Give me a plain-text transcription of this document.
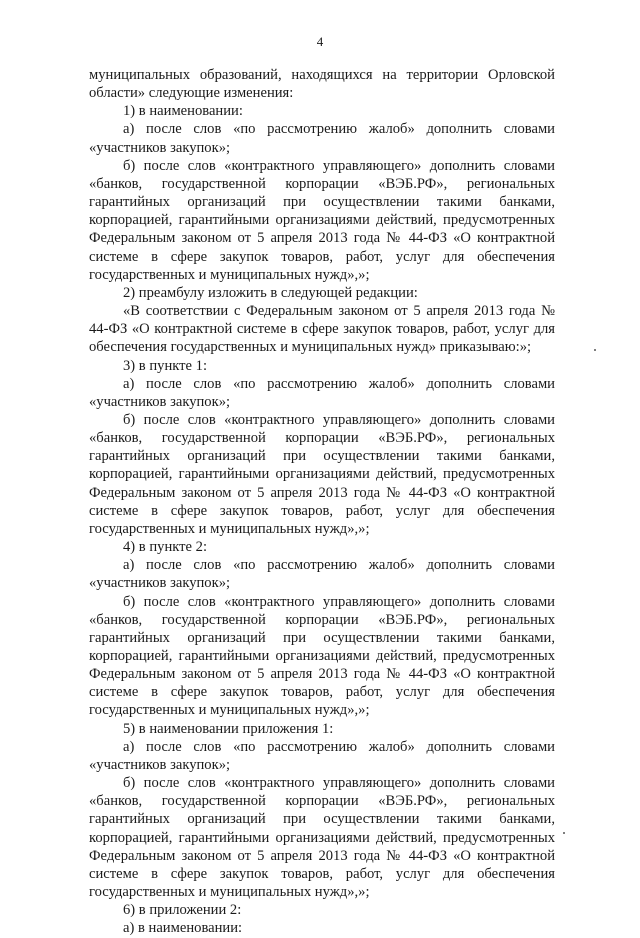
4

муниципальных образований, находящихся на территории Орловской области» следующие изменения:

1) в наименовании:

а) после слов «по рассмотрению жалоб» дополнить словами «участников закупок»;

б) после слов «контрактного управляющего» дополнить словами «банков, государственной корпорации «ВЭБ.РФ», региональных гарантийных организаций при осуществлении такими банками, корпорацией, гарантийными организациями действий, предусмотренных Федеральным законом от 5 апреля 2013 года № 44-ФЗ «О контрактной системе в сфере закупок товаров, работ, услуг для обеспечения государственных и муниципальных нужд»,»;

2) преамбулу изложить в следующей редакции:

«В соответствии с Федеральным законом от 5 апреля 2013 года № 44-ФЗ «О контрактной системе в сфере закупок товаров, работ, услуг для обеспечения государственных и муниципальных нужд» приказываю:»;

3) в пункте 1:

а) после слов «по рассмотрению жалоб» дополнить словами «участников закупок»;

б) после слов «контрактного управляющего» дополнить словами «банков, государственной корпорации «ВЭБ.РФ», региональных гарантийных организаций при осуществлении такими банками, корпорацией, гарантийными организациями действий, предусмотренных Федеральным законом от 5 апреля 2013 года № 44-ФЗ «О контрактной системе в сфере закупок товаров, работ, услуг для обеспечения государственных и муниципальных нужд»,»;

4) в пункте 2:

а) после слов «по рассмотрению жалоб» дополнить словами «участников закупок»;

б) после слов «контрактного управляющего» дополнить словами «банков, государственной корпорации «ВЭБ.РФ», региональных гарантийных организаций при осуществлении такими банками, корпорацией, гарантийными организациями действий, предусмотренных Федеральным законом от 5 апреля 2013 года № 44-ФЗ «О контрактной системе в сфере закупок товаров, работ, услуг для обеспечения государственных и муниципальных нужд»,»;

5) в наименовании приложения 1:

а) после слов «по рассмотрению жалоб» дополнить словами «участников закупок»;

б) после слов «контрактного управляющего» дополнить словами «банков, государственной корпорации «ВЭБ.РФ», региональных гарантийных организаций при осуществлении такими банками, корпорацией, гарантийными организациями действий, предусмотренных Федеральным законом от 5 апреля 2013 года № 44-ФЗ «О контрактной системе в сфере закупок товаров, работ, услуг для обеспечения государственных и муниципальных нужд»,»;

6) в приложении 2:

а) в наименовании:
